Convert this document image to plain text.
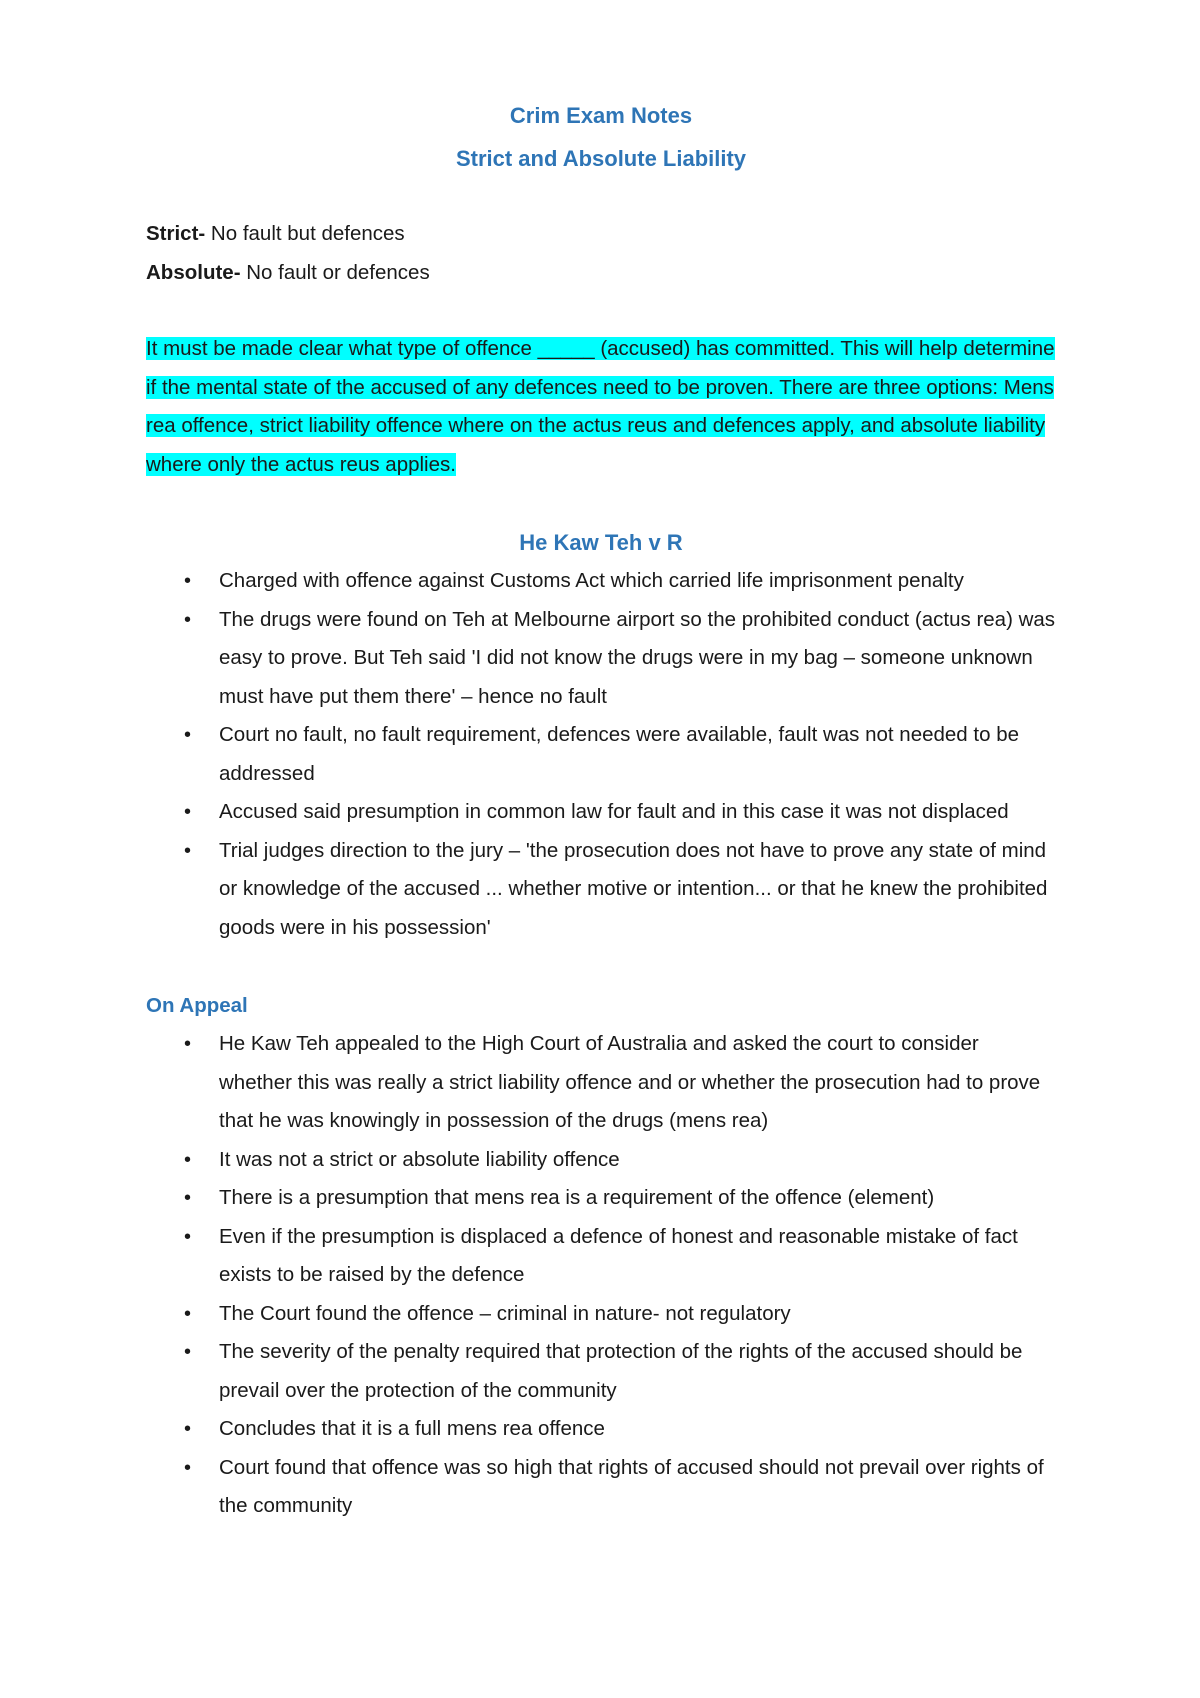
Crim Exam Notes

Strict and Absolute Liability

Strict- No fault but defences

Absolute- No fault or defences

It must be made clear what type of offence _____ (accused) has committed. This will help determine if the mental state of the accused of any defences need to be proven. There are three options: Mens rea offence, strict liability offence where on the actus reus and defences apply, and absolute liability where only the actus reus applies.

He Kaw Teh v R

• Charged with offence against Customs Act which carried life imprisonment penalty
• The drugs were found on Teh at Melbourne airport so the prohibited conduct (actus rea) was easy to prove. But Teh said 'I did not know the drugs were in my bag – someone unknown must have put them there' – hence no fault
• Court no fault, no fault requirement, defences were available, fault was not needed to be addressed
• Accused said presumption in common law for fault and in this case it was not displaced
• Trial judges direction to the jury – 'the prosecution does not have to prove any state of mind or knowledge of the accused ... whether motive or intention... or that he knew the prohibited goods were in his possession'

On Appeal

• He Kaw Teh appealed to the High Court of Australia and asked the court to consider whether this was really a strict liability offence and or whether the prosecution had to prove that he was knowingly in possession of the drugs (mens rea)
• It was not a strict or absolute liability offence
• There is a presumption that mens rea is a requirement of the offence (element)
• Even if the presumption is displaced a defence of honest and reasonable mistake of fact exists to be raised by the defence
• The Court found the offence – criminal in nature- not regulatory
• The severity of the penalty required that protection of the rights of the accused should be prevail over the protection of the community
• Concludes that it is a full mens rea offence
• Court found that offence was so high that rights of accused should not prevail over rights of the community
